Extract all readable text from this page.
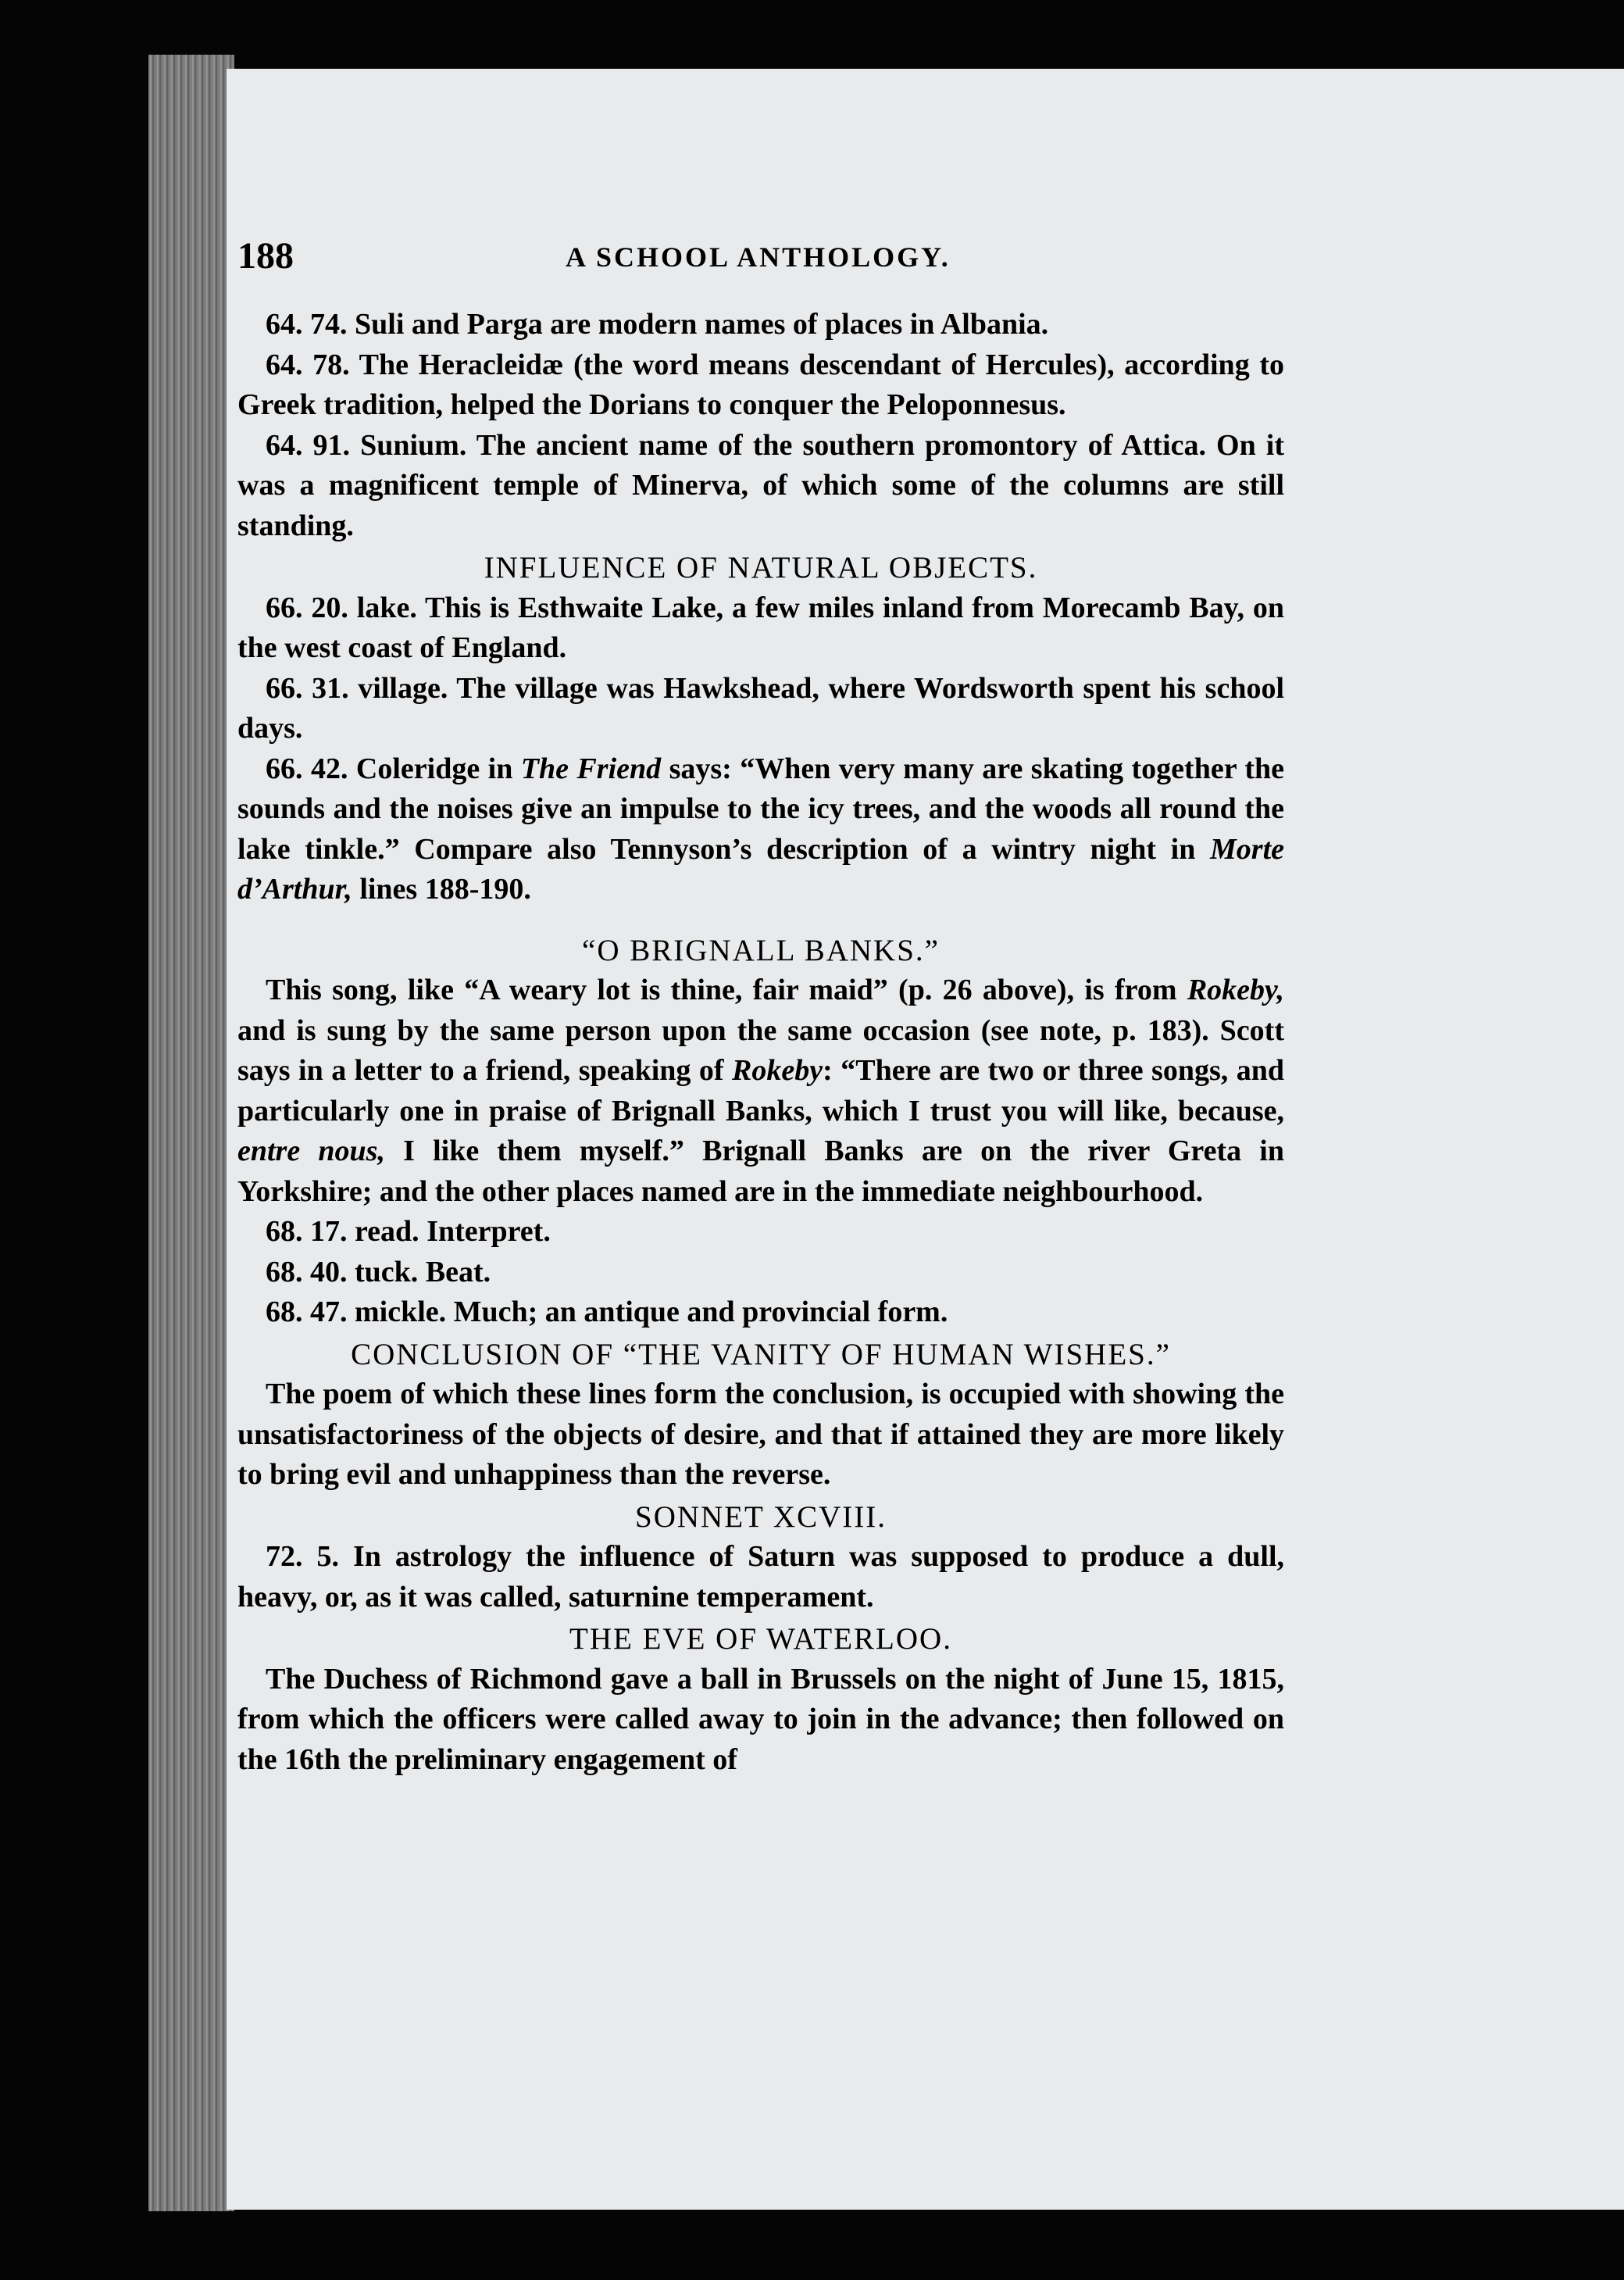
188	A SCHOOL ANTHOLOGY.

64. 74. Suli and Parga are modern names of places in Albania.

64. 78. The Heracleidæ (the word means descendant of Hercules), according to Greek tradition, helped the Dorians to conquer the Peloponnesus.

64. 91. Sunium. The ancient name of the southern promontory of Attica. On it was a magnificent temple of Minerva, of which some of the columns are still standing.

INFLUENCE OF NATURAL OBJECTS.

66. 20. lake. This is Esthwaite Lake, a few miles inland from Morecamb Bay, on the west coast of England.

66. 31. village. The village was Hawkshead, where Wordsworth spent his school days.

66. 42. Coleridge in The Friend says: “When very many are skating together the sounds and the noises give an impulse to the icy trees, and the woods all round the lake tinkle.” Compare also Tennyson’s description of a wintry night in Morte d’Arthur, lines 188-190.

“O BRIGNALL BANKS.”

This song, like “A weary lot is thine, fair maid” (p. 26 above), is from Rokeby, and is sung by the same person upon the same occasion (see note, p. 183). Scott says in a letter to a friend, speaking of Rokeby: “There are two or three songs, and particularly one in praise of Brignall Banks, which I trust you will like, because, entre nous, I like them myself.” Brignall Banks are on the river Greta in Yorkshire; and the other places named are in the immediate neighbourhood.

68. 17. read. Interpret.

68. 40. tuck. Beat.

68. 47. mickle. Much; an antique and provincial form.

CONCLUSION OF “THE VANITY OF HUMAN WISHES.”

The poem of which these lines form the conclusion, is occupied with showing the unsatisfactoriness of the objects of desire, and that if attained they are more likely to bring evil and unhappiness than the reverse.

SONNET XCVIII.

72. 5. In astrology the influence of Saturn was supposed to produce a dull, heavy, or, as it was called, saturnine temperament.

THE EVE OF WATERLOO.

The Duchess of Richmond gave a ball in Brussels on the night of June 15, 1815, from which the officers were called away to join in the advance; then followed on the 16th the preliminary engagement of
